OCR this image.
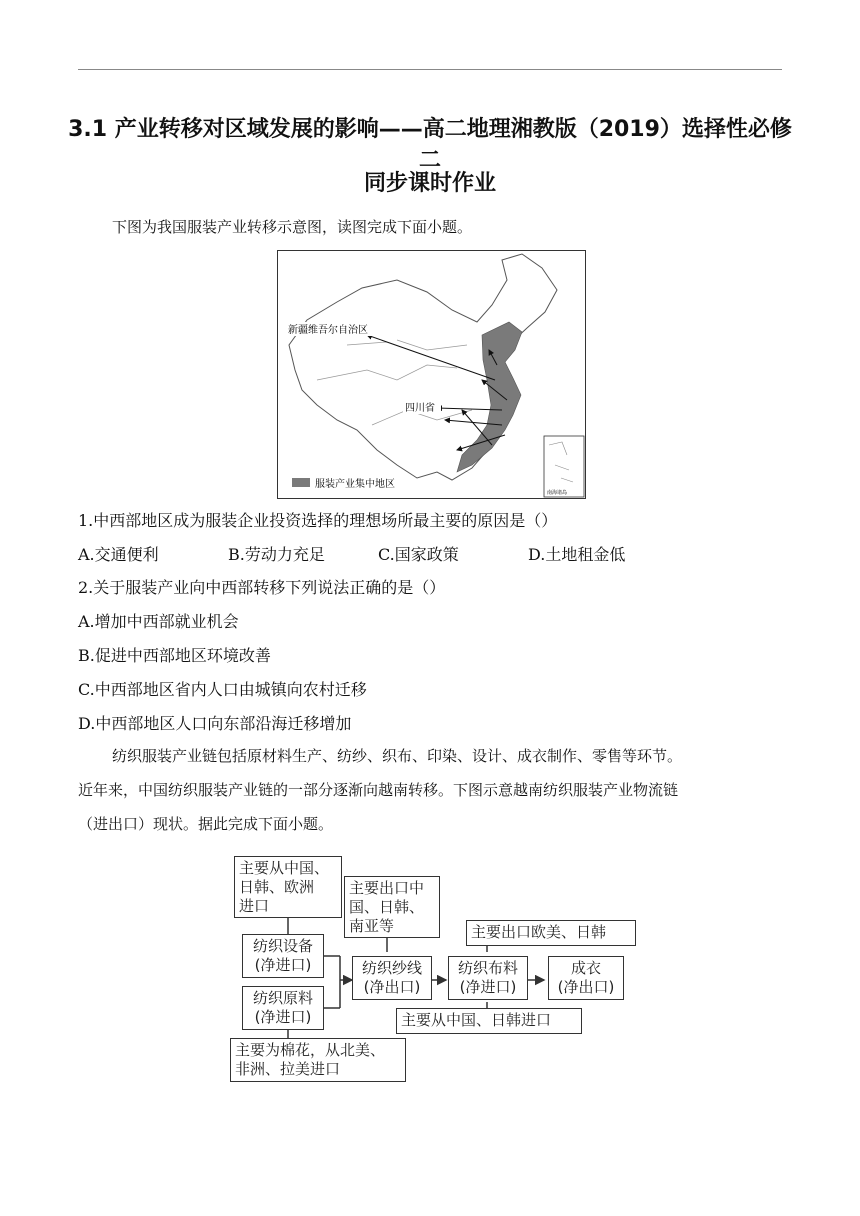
3.1 产业转移对区域发展的影响——高二地理湘教版（2019）选择性必修二
同步课时作业
下图为我国服装产业转移示意图，读图完成下面小题。
新疆维吾尔自治区
四川省
服装产业集中地区
南海诸岛
1.中西部地区成为服装企业投资选择的理想场所最主要的原因是（）
A.交通便利	B.劳动力充足	C.国家政策	D.土地租金低
2.关于服装产业向中西部转移下列说法正确的是（）
A.增加中西部就业机会
B.促进中西部地区环境改善
C.中西部地区省内人口由城镇向农村迁移
D.中西部地区人口向东部沿海迁移增加
纺织服装产业链包括原材料生产、纺纱、织布、印染、设计、成衣制作、零售等环节。
近年来，中国纺织服装产业链的一部分逐渐向越南转移。下图示意越南纺织服装产业物流链
（进出口）现状。据此完成下面小题。
主要从中国、
日韩、欧洲
进口
纺织设备
(净进口)
纺织原料
(净进口)
主要为棉花，从北美、
非洲、拉美进口
主要出口中
国、日韩、
南亚等
纺织纱线
(净出口)
纺织布料
(净进口)
主要从中国、日韩进口
主要出口欧美、日韩
成衣
(净出口)
